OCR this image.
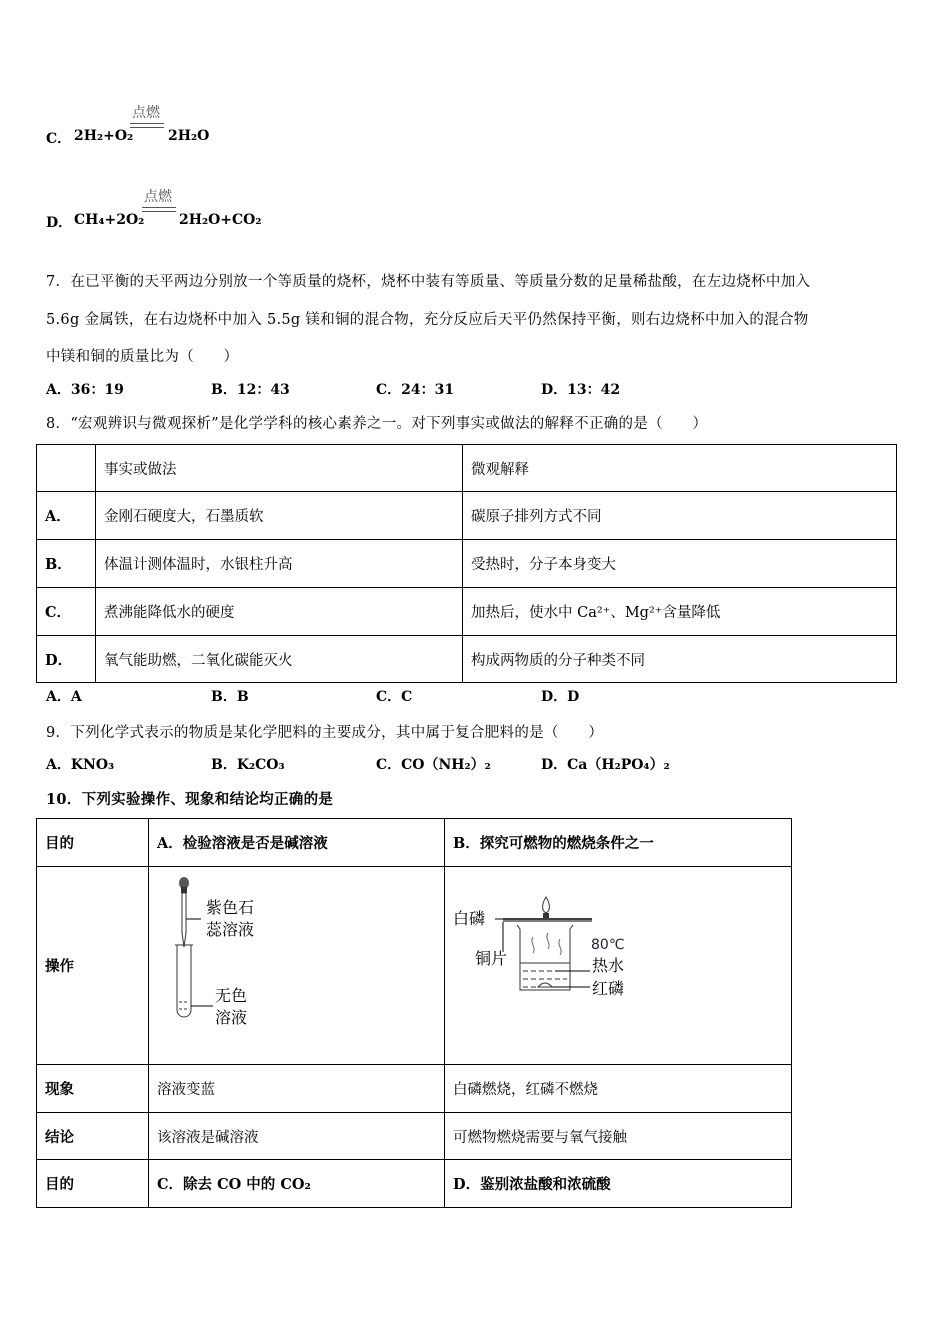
C． 2H₂+O₂
点燃
2H₂O
D． CH₄+2O₂
点燃
2H₂O+CO₂
7．在已平衡的天平两边分别放一个等质量的烧杯，烧杯中装有等质量、等质量分数的足量稀盐酸，在左边烧杯中加入
5.6g 金属铁，在右边烧杯中加入 5.5g 镁和铜的混合物，充分反应后天平仍然保持平衡，则右边烧杯中加入的混合物
中镁和铜的质量比为（　　）
A．36：19	B．12：43	C．24：31	D．13：42
8．“宏观辨识与微观探析”是化学学科的核心素养之一。对下列事实或做法的解释不正确的是（　　）
	事实或做法	微观解释
A．	金刚石硬度大，石墨质软	碳原子排列方式不同
B．	体温计测体温时，水银柱升高	受热时，分子本身变大
C．	煮沸能降低水的硬度	加热后，使水中 Ca²⁺、Mg²⁺含量降低
D．	氧气能助燃，二氧化碳能灭火	构成两物质的分子种类不同
A．A	B．B	C．C	D．D
9．下列化学式表示的物质是某化学肥料的主要成分，其中属于复合肥料的是（　　）
A．KNO₃	B．K₂CO₃	C．CO（NH₂）₂	D．Ca（H₂PO₄）₂
10．下列实验操作、现象和结论均正确的是
目的	A．检验溶液是否是碱溶液	B．探究可燃物的燃烧条件之一
操作	紫色石
蕊溶液
无色
溶液	白磷
铜片
80℃
热水
红磷

现象	溶液变蓝	白磷燃烧，红磷不燃烧
结论	该溶液是碱溶液	可燃物燃烧需要与氧气接触
目的	C．除去 CO 中的 CO₂	D．鉴别浓盐酸和浓硫酸
